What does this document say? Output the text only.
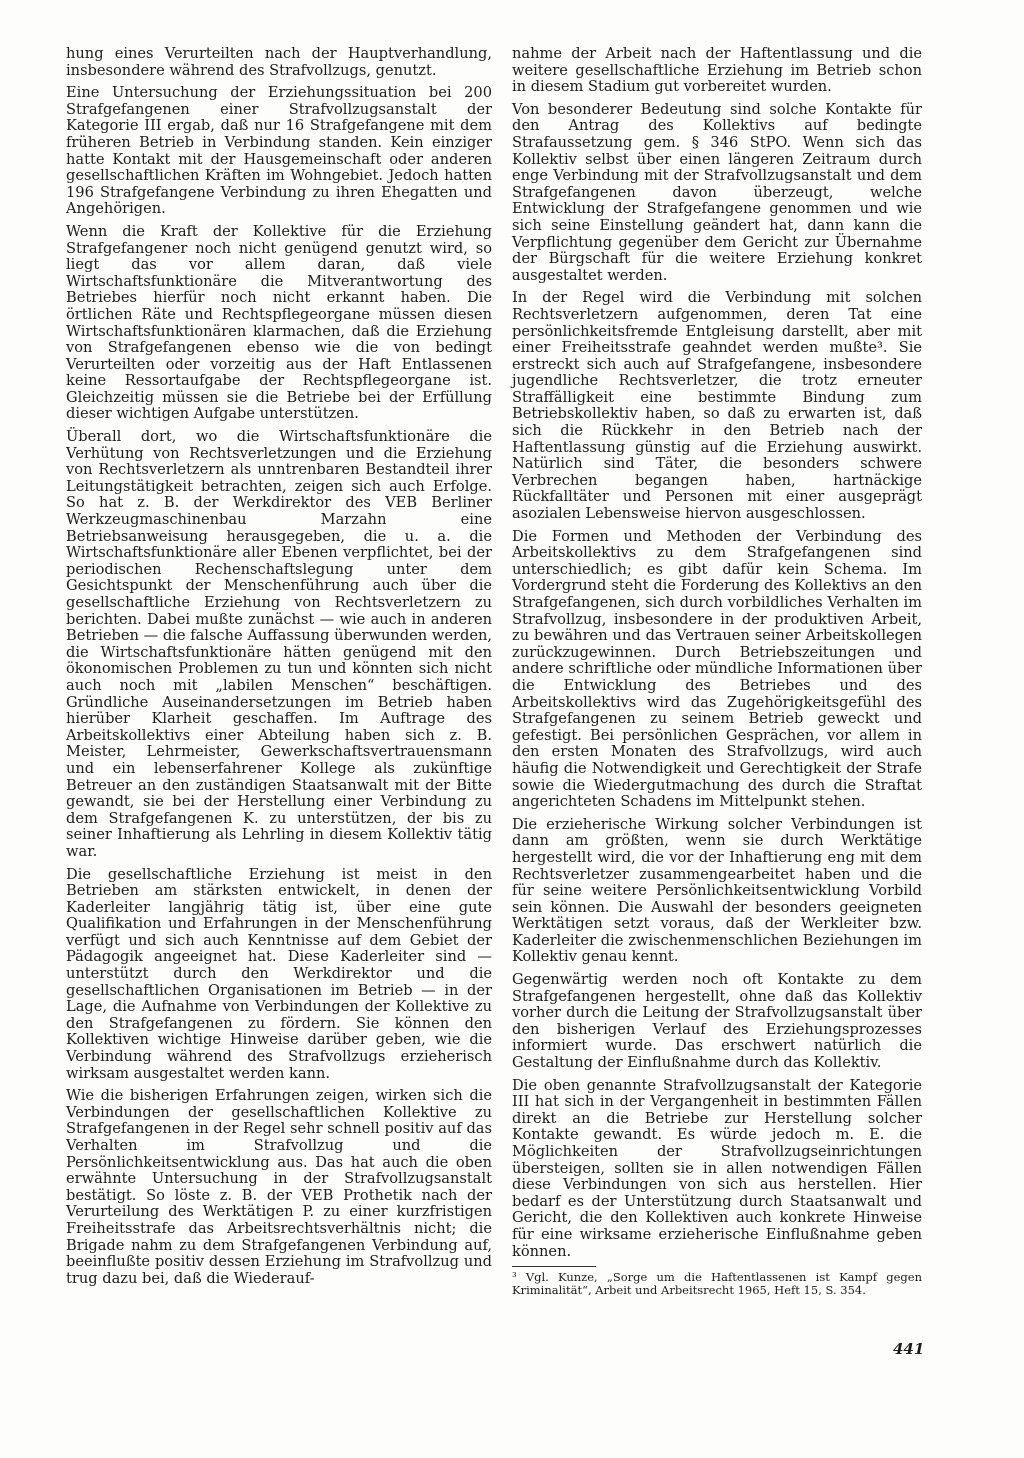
hung eines Verurteilten nach der Hauptverhandlung, insbesondere während des Strafvollzugs, genutzt.

Eine Untersuchung der Erziehungssituation bei 200 Strafgefangenen einer Strafvollzugsanstalt der Kategorie III ergab, daß nur 16 Strafgefangene mit dem früheren Betrieb in Verbindung standen. Kein einziger hatte Kontakt mit der Hausgemeinschaft oder anderen gesellschaftlichen Kräften im Wohngebiet. Jedoch hatten 196 Strafgefangene Verbindung zu ihren Ehegatten und Angehörigen.

Wenn die Kraft der Kollektive für die Erziehung Strafgefangener noch nicht genügend genutzt wird, so liegt das vor allem daran, daß viele Wirtschaftsfunktionäre die Mitverantwortung des Betriebes hierfür noch nicht erkannt haben. Die örtlichen Räte und Rechtspflegeorgane müssen diesen Wirtschaftsfunktionären klarmachen, daß die Erziehung von Strafgefangenen ebenso wie die von bedingt Verurteilten oder vorzeitig aus der Haft Entlassenen keine Ressortaufgabe der Rechtspflegeorgane ist. Gleichzeitig müssen sie die Betriebe bei der Erfüllung dieser wichtigen Aufgabe unterstützen.

Überall dort, wo die Wirtschaftsfunktionäre die Verhütung von Rechtsverletzungen und die Erziehung von Rechtsverletzern als unntrenbaren Bestandteil ihrer Leitungstätigkeit betrachten, zeigen sich auch Erfolge. So hat z. B. der Werkdirektor des VEB Berliner Werkzeugmaschinenbau Marzahn eine Betriebsanweisung herausgegeben, die u. a. die Wirtschaftsfunktionäre aller Ebenen verpflichtet, bei der periodischen Rechenschaftslegung unter dem Gesichtspunkt der Menschenführung auch über die gesellschaftliche Erziehung von Rechtsverletzern zu berichten. Dabei mußte zunächst — wie auch in anderen Betrieben — die falsche Auffassung überwunden werden, die Wirtschaftsfunktionäre hätten genügend mit den ökonomischen Problemen zu tun und könnten sich nicht auch noch mit „labilen Menschen“ beschäftigen. Gründliche Auseinandersetzungen im Betrieb haben hierüber Klarheit geschaffen. Im Auftrage des Arbeitskollektivs einer Abteilung haben sich z. B. Meister, Lehrmeister, Gewerkschaftsvertrauensmann und ein lebenserfahrener Kollege als zukünftige Betreuer an den zuständigen Staatsanwalt mit der Bitte gewandt, sie bei der Herstellung einer Verbindung zu dem Strafgefangenen K. zu unterstützen, der bis zu seiner Inhaftierung als Lehrling in diesem Kollektiv tätig war.

Die gesellschaftliche Erziehung ist meist in den Betrieben am stärksten entwickelt, in denen der Kaderleiter langjährig tätig ist, über eine gute Qualifikation und Erfahrungen in der Menschenführung verfügt und sich auch Kenntnisse auf dem Gebiet der Pädagogik angeeignet hat. Diese Kaderleiter sind — unterstützt durch den Werkdirektor und die gesellschaftlichen Organisationen im Betrieb — in der Lage, die Aufnahme von Verbindungen der Kollektive zu den Strafgefangenen zu fördern. Sie können den Kollektiven wichtige Hinweise darüber geben, wie die Verbindung während des Strafvollzugs erzieherisch wirksam ausgestaltet werden kann.

Wie die bisherigen Erfahrungen zeigen, wirken sich die Verbindungen der gesellschaftlichen Kollektive zu Strafgefangenen in der Regel sehr schnell positiv auf das Verhalten im Strafvollzug und die Persönlichkeitsentwicklung aus. Das hat auch die oben erwähnte Untersuchung in der Strafvollzugsanstalt bestätigt. So löste z. B. der VEB Prothetik nach der Verurteilung des Werktätigen P. zu einer kurzfristigen Freiheitsstrafe das Arbeitsrechtsverhältnis nicht; die Brigade nahm zu dem Strafgefangenen Verbindung auf, beeinflußte positiv dessen Erziehung im Strafvollzug und trug dazu bei, daß die Wiederauf-

nahme der Arbeit nach der Haftentlassung und die weitere gesellschaftliche Erziehung im Betrieb schon in diesem Stadium gut vorbereitet wurden.

Von besonderer Bedeutung sind solche Kontakte für den Antrag des Kollektivs auf bedingte Strafaussetzung gem. § 346 StPO. Wenn sich das Kollektiv selbst über einen längeren Zeitraum durch enge Verbindung mit der Strafvollzugsanstalt und dem Strafgefangenen davon überzeugt, welche Entwicklung der Strafgefangene genommen und wie sich seine Einstellung geändert hat, dann kann die Verpflichtung gegenüber dem Gericht zur Übernahme der Bürgschaft für die weitere Erziehung konkret ausgestaltet werden.

In der Regel wird die Verbindung mit solchen Rechtsverletzern aufgenommen, deren Tat eine persönlichkeitsfremde Entgleisung darstellt, aber mit einer Freiheitsstrafe geahndet werden mußte³. Sie erstreckt sich auch auf Strafgefangene, insbesondere jugendliche Rechtsverletzer, die trotz erneuter Straffälligkeit eine bestimmte Bindung zum Betriebskollektiv haben, so daß zu erwarten ist, daß sich die Rückkehr in den Betrieb nach der Haftentlassung günstig auf die Erziehung auswirkt. Natürlich sind Täter, die besonders schwere Verbrechen begangen haben, hartnäckige Rückfalltäter und Personen mit einer ausgeprägt asozialen Lebensweise hiervon ausgeschlossen.

Die Formen und Methoden der Verbindung des Arbeitskollektivs zu dem Strafgefangenen sind unterschiedlich; es gibt dafür kein Schema. Im Vordergrund steht die Forderung des Kollektivs an den Strafgefangenen, sich durch vorbildliches Verhalten im Strafvollzug, insbesondere in der produktiven Arbeit, zu bewähren und das Vertrauen seiner Arbeitskollegen zurückzugewinnen. Durch Betriebszeitungen und andere schriftliche oder mündliche Informationen über die Entwicklung des Betriebes und des Arbeitskollektivs wird das Zugehörigkeitsgefühl des Strafgefangenen zu seinem Betrieb geweckt und gefestigt. Bei persönlichen Gesprächen, vor allem in den ersten Monaten des Strafvollzugs, wird auch häufig die Notwendigkeit und Gerechtigkeit der Strafe sowie die Wiedergutmachung des durch die Straftat angerichteten Schadens im Mittelpunkt stehen.

Die erzieherische Wirkung solcher Verbindungen ist dann am größten, wenn sie durch Werktätige hergestellt wird, die vor der Inhaftierung eng mit dem Rechtsverletzer zusammengearbeitet haben und die für seine weitere Persönlichkeitsentwicklung Vorbild sein können. Die Auswahl der besonders geeigneten Werktätigen setzt voraus, daß der Werkleiter bzw. Kaderleiter die zwischenmenschlichen Beziehungen im Kollektiv genau kennt.

Gegenwärtig werden noch oft Kontakte zu dem Strafgefangenen hergestellt, ohne daß das Kollektiv vorher durch die Leitung der Strafvollzugsanstalt über den bisherigen Verlauf des Erziehungsprozesses informiert wurde. Das erschwert natürlich die Gestaltung der Einflußnahme durch das Kollektiv.

Die oben genannte Strafvollzugsanstalt der Kategorie III hat sich in der Vergangenheit in bestimmten Fällen direkt an die Betriebe zur Herstellung solcher Kontakte gewandt. Es würde jedoch m. E. die Möglichkeiten der Strafvollzugseinrichtungen übersteigen, sollten sie in allen notwendigen Fällen diese Verbindungen von sich aus herstellen. Hier bedarf es der Unterstützung durch Staatsanwalt und Gericht, die den Kollektiven auch konkrete Hinweise für eine wirksame erzieherische Einflußnahme geben können.

³ Vgl. Kunze, „Sorge um die Haftentlassenen ist Kampf gegen Kriminalität“, Arbeit und Arbeitsrecht 1965, Heft 15, S. 354.
441
